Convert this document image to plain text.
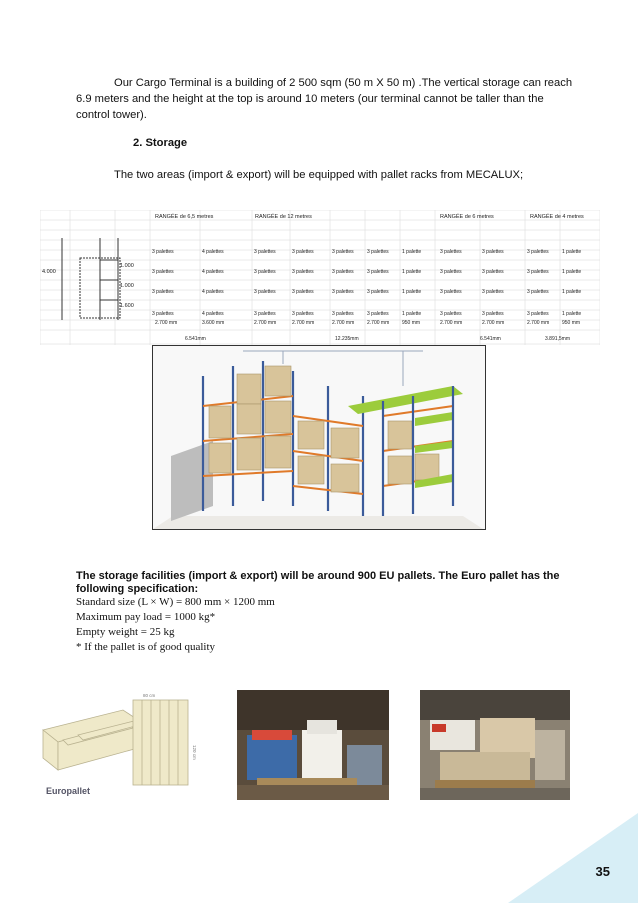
Our Cargo Terminal is a building of 2 500 sqm (50 m X 50 m) .The vertical storage can reach
6.9 meters and the height at the top is around 10 meters (our terminal cannot be taller than the
control tower).
2. Storage
The two areas (import & export) will be equipped with pallet racks from MECALUX;
RANGÉE de 6,5 metres	RANGÉE de 12 metres	RANGÉE de 6 metres	RANGÉE de 4 metres
4.000
1.000
1.000
1.600
3 palettes	4 palettes	3 palettes	3 palettes	3 palettes	3 palettes	1 palette	3 palettes	3 palettes	3 palettes	1 palette
3 palettes	4 palettes	3 palettes	3 palettes	3 palettes	3 palettes	1 palette	3 palettes	3 palettes	3 palettes	1 palette
3 palettes	4 palettes	3 palettes	3 palettes	3 palettes	3 palettes	1 palette	3 palettes	3 palettes	3 palettes	1 palette
3 palettes	4 palettes	3 palettes	3 palettes	3 palettes	3 palettes	1 palette	3 palettes	3 palettes	3 palettes	1 palette
2.700 mm	3.600 mm	2.700 mm	2.700 mm	2.700 mm	2.700 mm	950 mm	2.700 mm	2.700 mm	2.700 mm	950 mm
6.541mm	12.235mm	6.541mm	3.891,5mm
The storage facilities (import & export) will be around 900 EU pallets. The Euro pallet has the following specification:
Standard size (L × W) = 800 mm × 1200 mm
Maximum pay load = 1000 kg*
Empty weight = 25 kg
* If the pallet is of good quality
80 cm
120 cm
Europallet
35
